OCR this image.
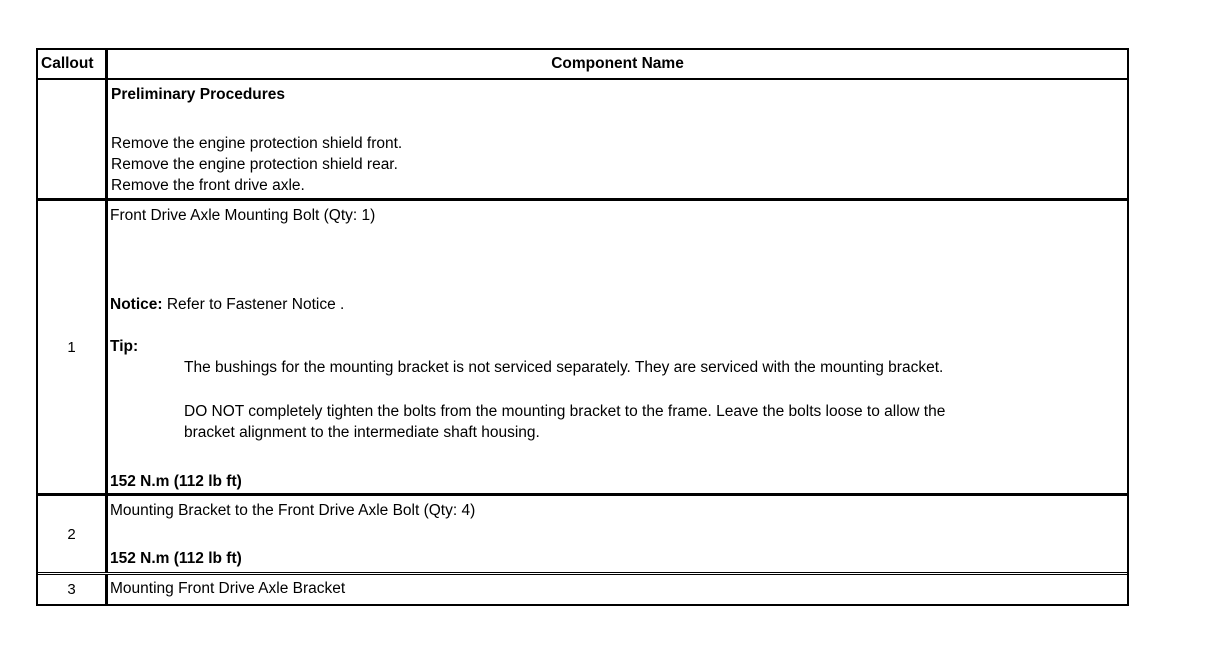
Callout	Component Name
Preliminary Procedures
Remove the engine protection shield front.
Remove the engine protection shield rear.
Remove the front drive axle.
1
Front Drive Axle Mounting Bolt (Qty: 1)
Notice: Refer to Fastener Notice .
Tip:
The bushings for the mounting bracket is not serviced separately. They are serviced with the mounting bracket.
DO NOT completely tighten the bolts from the mounting bracket to the frame. Leave the bolts loose to allow the
bracket alignment to the intermediate shaft housing.
152 N.m (112 lb ft)
2
Mounting Bracket to the Front Drive Axle Bolt (Qty: 4)
152 N.m (112 lb ft)
3	Mounting Front Drive Axle Bracket
